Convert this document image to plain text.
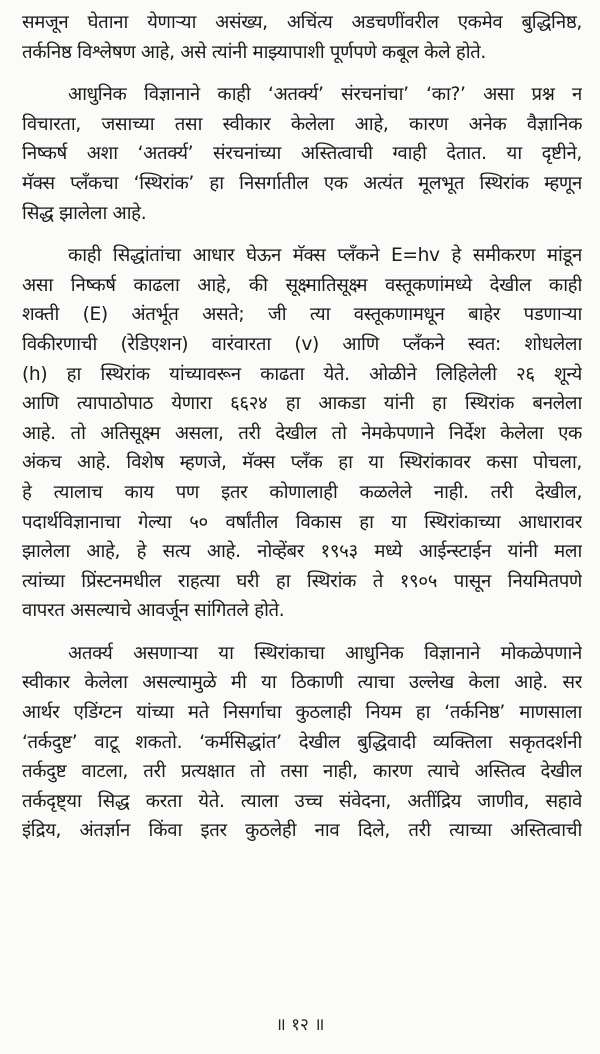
समजून घेताना येणाऱ्या असंख्य, अचिंत्य अडचणींवरील एकमेव बुद्धिनिष्ठ,
तर्कनिष्ठ विश्लेषण आहे, असे त्यांनी माझ्यापाशी पूर्णपणे कबूल केले होते.
आधुनिक विज्ञानाने काही ‘अतर्क्य’ संरचनांचा’ ‘का?’ असा प्रश्न न
विचारता, जसाच्या तसा स्वीकार केलेला आहे, कारण अनेक वैज्ञानिक
निष्कर्ष अशा ‘अतर्क्य’ संरचनांच्या अस्तित्वाची ग्वाही देतात. या दृष्टीने,
मॅक्स प्लँकचा ‘स्थिरांक’ हा निसर्गातील एक अत्यंत मूलभूत स्थिरांक म्हणून
सिद्ध झालेला आहे.
काही सिद्धांतांचा आधार घेऊन मॅक्स प्लँकने E=hv हे समीकरण मांडून
असा निष्कर्ष काढला आहे, की सूक्ष्मातिसूक्ष्म वस्तूकणांमध्ये देखील काही
शक्ती (E) अंतर्भूत असते; जी त्या वस्तूकणामधून बाहेर पडणाऱ्या
विकीरणाची (रेडिएशन) वारंवारता (v) आणि प्लँकने स्वत: शोधलेला
(h) हा स्थिरांक यांच्यावरून काढता येते. ओळीने लिहिलेली २६ शून्ये
आणि त्यापाठोपाठ येणारा ६६२४ हा आकडा यांनी हा स्थिरांक बनलेला
आहे. तो अतिसूक्ष्म असला, तरी देखील तो नेमकेपणाने निर्देश केलेला एक
अंकच आहे. विशेष म्हणजे, मॅक्स प्लँक हा या स्थिरांकावर कसा पोचला,
हे त्यालाच काय पण इतर कोणालाही कळलेले नाही. तरी देखील,
पदार्थविज्ञानाचा गेल्या ५० वर्षांतील विकास हा या स्थिरांकाच्या आधारावर
झालेला आहे, हे सत्य आहे. नोव्हेंबर १९५३ मध्ये आईन्स्टाईन यांनी मला
त्यांच्या प्रिंस्टनमधील राहत्या घरी हा स्थिरांक ते १९०५ पासून नियमितपणे
वापरत असल्याचे आवर्जून सांगितले होते.
अतर्क्य असणाऱ्या या स्थिरांकाचा आधुनिक विज्ञानाने मोकळेपणाने
स्वीकार केलेला असल्यामुळे मी या ठिकाणी त्याचा उल्लेख केला आहे. सर
आर्थर एडिंग्टन यांच्या मते निसर्गाचा कुठलाही नियम हा ‘तर्कनिष्ठ’ माणसाला
‘तर्कदुष्ट’ वाटू शकतो. ‘कर्मसिद्धांत’ देखील बुद्धिवादी व्यक्तिला सकृतदर्शनी
तर्कदुष्ट वाटला, तरी प्रत्यक्षात तो तसा नाही, कारण त्याचे अस्तित्व देखील
तर्कदृष्ट्या सिद्ध करता येते. त्याला उच्च संवेदना, अतींद्रिय जाणीव, सहावे
इंद्रिय, अंतर्ज्ञान किंवा इतर कुठलेही नाव दिले, तरी त्याच्या अस्तित्वाची
॥ १२ ॥
